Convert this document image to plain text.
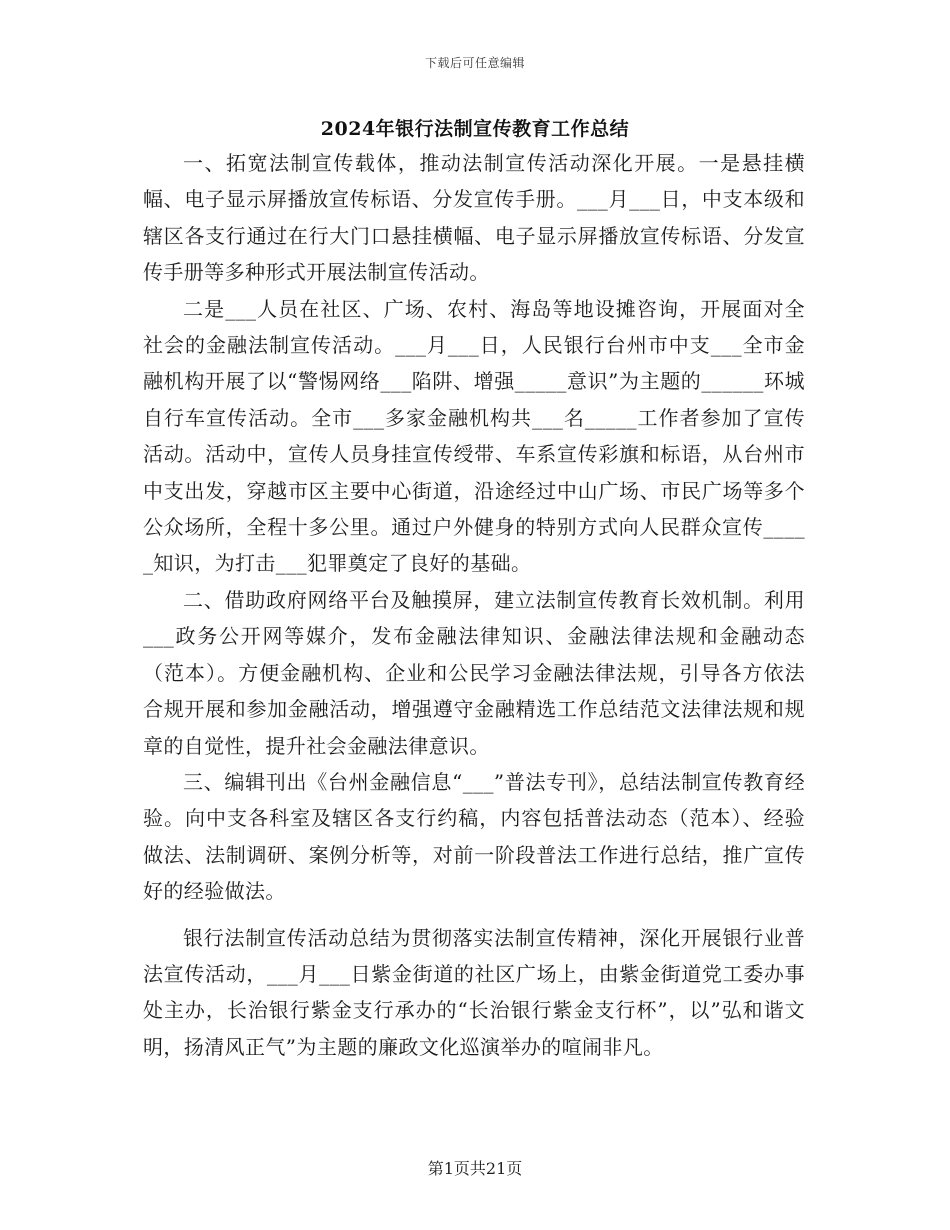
下载后可任意编辑
2024年银行法制宣传教育工作总结

一、拓宽法制宣传载体，推动法制宣传活动深化开展。一是悬挂横幅、电子显示屏播放宣传标语、分发宣传手册。___月___日，中支本级和辖区各支行通过在行大门口悬挂横幅、电子显示屏播放宣传标语、分发宣传手册等多种形式开展法制宣传活动。

二是___人员在社区、广场、农村、海岛等地设摊咨询，开展面对全社会的金融法制宣传活动。___月___日，人民银行台州市中支___全市金融机构开展了以“警惕网络___陷阱、增强_____意识”为主题的______环城自行车宣传活动。全市___多家金融机构共___名_____工作者参加了宣传活动。活动中，宣传人员身挂宣传绶带、车系宣传彩旗和标语，从台州市中支出发，穿越市区主要中心街道，沿途经过中山广场、市民广场等多个公众场所，全程十多公里。通过户外健身的特别方式向人民群众宣传_____知识，为打击___犯罪奠定了良好的基础。

二、借助政府网络平台及触摸屏，建立法制宣传教育长效机制。利用___政务公开网等媒介，发布金融法律知识、金融法律法规和金融动态（范本）。方便金融机构、企业和公民学习金融法律法规，引导各方依法合规开展和参加金融活动，增强遵守金融精选工作总结范文法律法规和规章的自觉性，提升社会金融法律意识。

三、编辑刊出《台州金融信息“___”普法专刊》，总结法制宣传教育经验。向中支各科室及辖区各支行约稿，内容包括普法动态（范本）、经验做法、法制调研、案例分析等，对前一阶段普法工作进行总结，推广宣传好的经验做法。

银行法制宣传活动总结为贯彻落实法制宣传精神，深化开展银行业普法宣传活动，___月___日紫金街道的社区广场上，由紫金街道党工委办事处主办，长治银行紫金支行承办的“长治银行紫金支行杯”，以”弘和谐文明，扬清风正气”为主题的廉政文化巡演举办的喧闹非凡。

第1页共21页
